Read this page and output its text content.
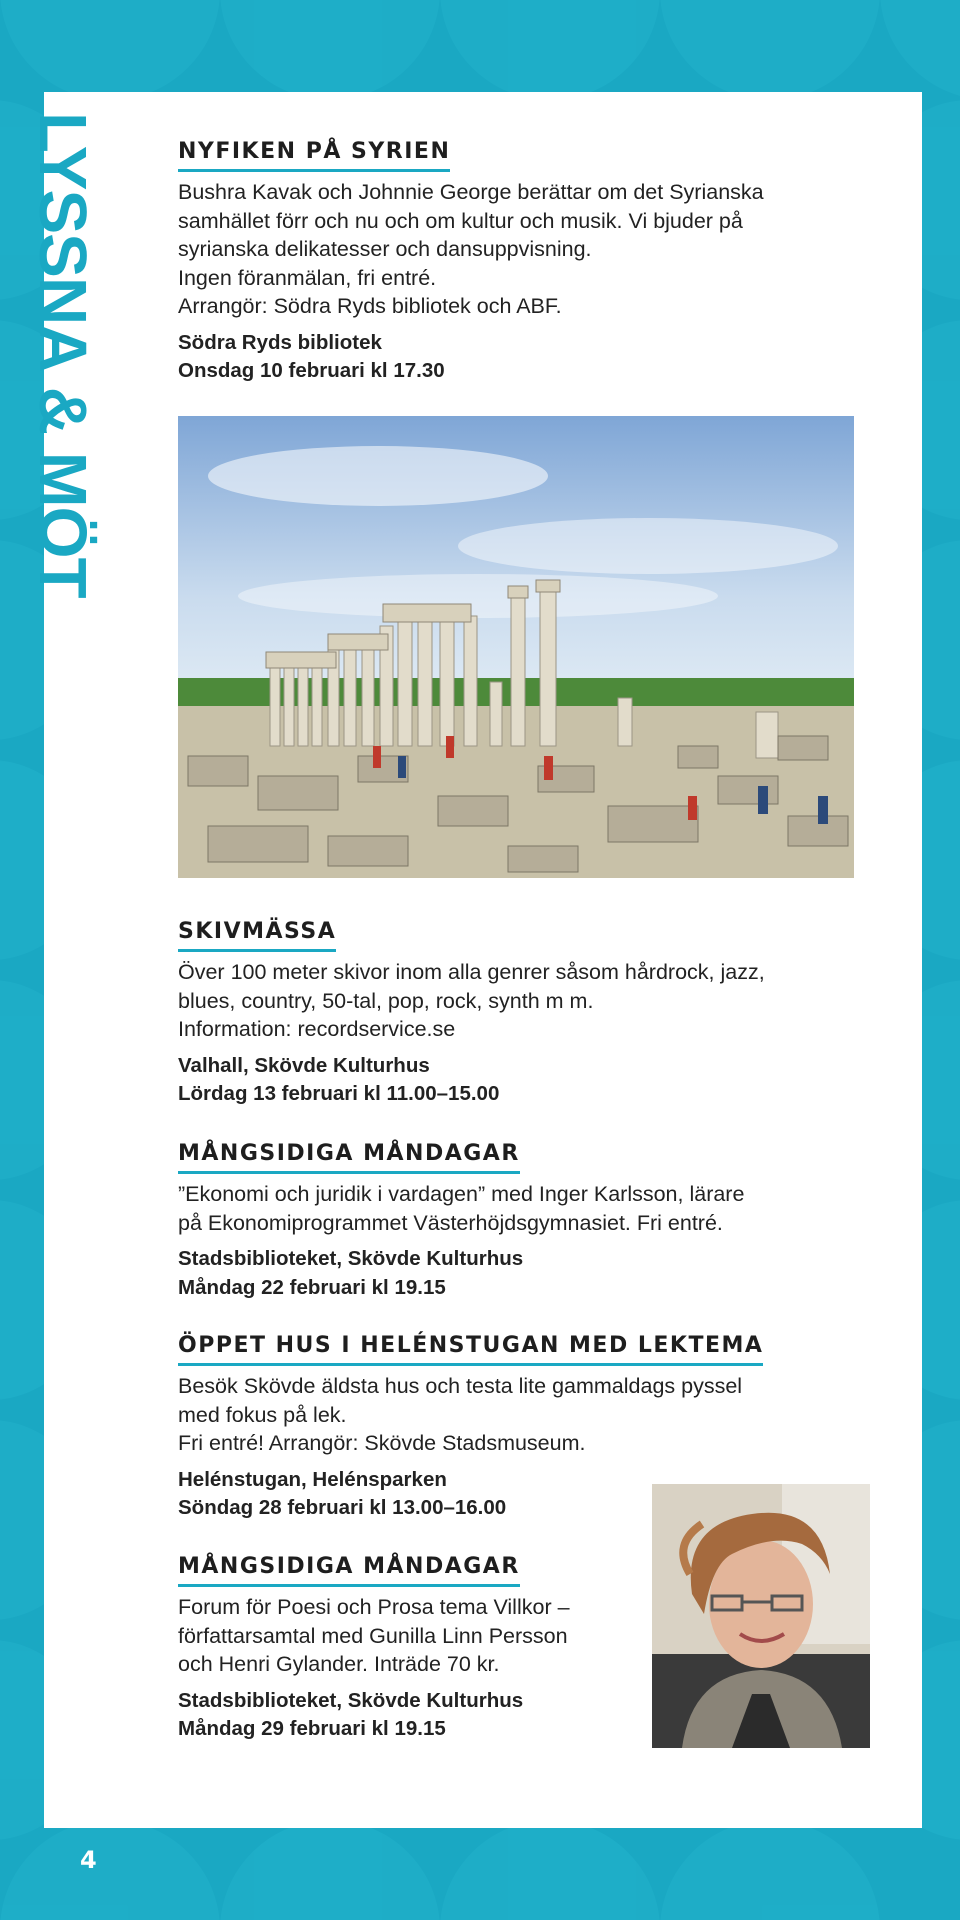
LYSSNA & MÖT	NYFIKEN PÅ SYRIEN
Bushra Kavak och Johnnie George berättar om det Syrianska
samhället förr och nu och om kultur och musik. Vi bjuder på
syrianska delikatesser och dansuppvisning.
Ingen föranmälan, fri entré.
Arrangör: Södra Ryds bibliotek och ABF.
Södra Ryds bibliotek
Onsdag 10 februari kl 17.30
SKIVMÄSSA
Över 100 meter skivor inom alla genrer såsom hårdrock, jazz,
blues, country, 50-tal, pop, rock, synth m m.
Information: recordservice.se
Valhall, Skövde Kulturhus
Lördag 13 februari kl 11.00–15.00
MÅNGSIDIGA MÅNDAGAR
”Ekonomi och juridik i vardagen” med Inger Karlsson, lärare
på Ekonomiprogrammet Västerhöjdsgymnasiet. Fri entré.
Stadsbiblioteket, Skövde Kulturhus
Måndag 22 februari kl 19.15
ÖPPET HUS I HELÉNSTUGAN MED LEKTEMA
Besök Skövde äldsta hus och testa lite gammaldags pyssel
med fokus på lek.
Fri entré! Arrangör: Skövde Stadsmuseum.
Helénstugan, Helénsparken
Söndag 28 februari kl 13.00–16.00
MÅNGSIDIGA MÅNDAGAR
Forum för Poesi och Prosa tema Villkor –
författarsamtal med Gunilla Linn Persson
och Henri Gylander. Inträde 70 kr.
Stadsbiblioteket, Skövde Kulturhus
Måndag 29 februari kl 19.15
4
